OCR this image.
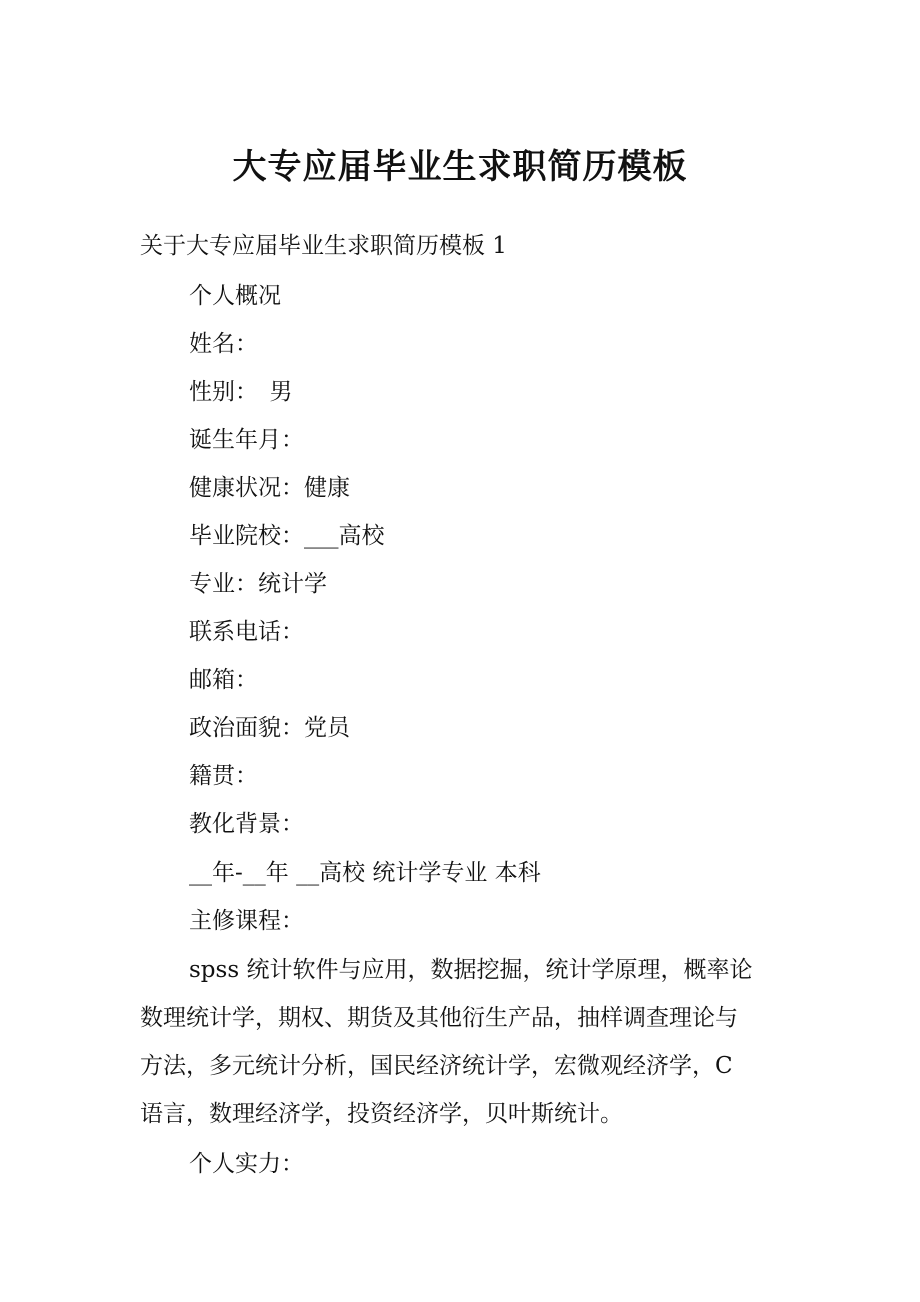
大专应届毕业生求职简历模板
关于大专应届毕业生求职简历模板 1
个人概况
姓名：
性别：　男
诞生年月：
健康状况：健康
毕业院校：___高校
专业：统计学
联系电话：
邮箱：
政治面貌：党员
籍贯：
教化背景：
__年-__年 __高校 统计学专业 本科
主修课程：
spss 统计软件与应用，数据挖掘，统计学原理，概率论
数理统计学，期权、期货及其他衍生产品，抽样调查理论与
方法，多元统计分析，国民经济统计学，宏微观经济学，C
语言，数理经济学，投资经济学，贝叶斯统计。
个人实力：
